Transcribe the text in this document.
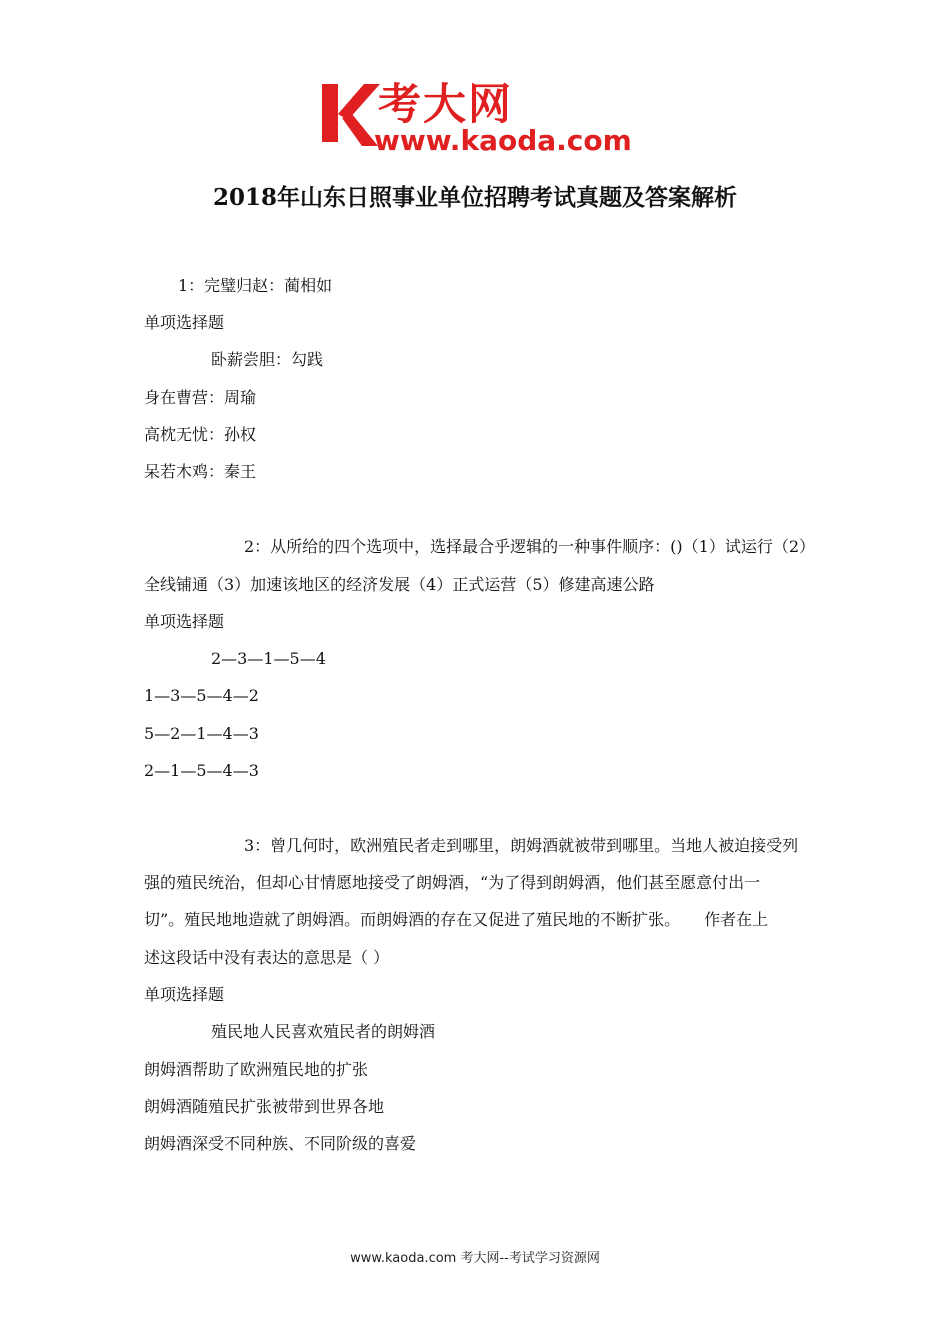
考大网
www.kaoda.com
2018年山东日照事业单位招聘考试真题及答案解析
1：完璧归赵：蔺相如
单项选择题
卧薪尝胆：勾践
身在曹营：周瑜
高枕无忧：孙权
呆若木鸡：秦王
2：从所给的四个选项中，选择最合乎逻辑的一种事件顺序：()（1）试运行（2）
全线铺通（3）加速该地区的经济发展（4）正式运营（5）修建高速公路
单项选择题
2—3—1—5—4
1—3—5—4—2
5—2—1—4—3
2—1—5—4—3
3：曾几何时，欧洲殖民者走到哪里，朗姆酒就被带到哪里。当地人被迫接受列
强的殖民统治，但却心甘情愿地接受了朗姆酒，“为了得到朗姆酒，他们甚至愿意付出一
切”。殖民地地造就了朗姆酒。而朗姆酒的存在又促进了殖民地的不断扩张。　　作者在上
述这段话中没有表达的意思是（ ）
单项选择题
殖民地人民喜欢殖民者的朗姆酒
朗姆酒帮助了欧洲殖民地的扩张
朗姆酒随殖民扩张被带到世界各地
朗姆酒深受不同种族、不同阶级的喜爱
www.kaoda.com 考大网--考试学习资源网
